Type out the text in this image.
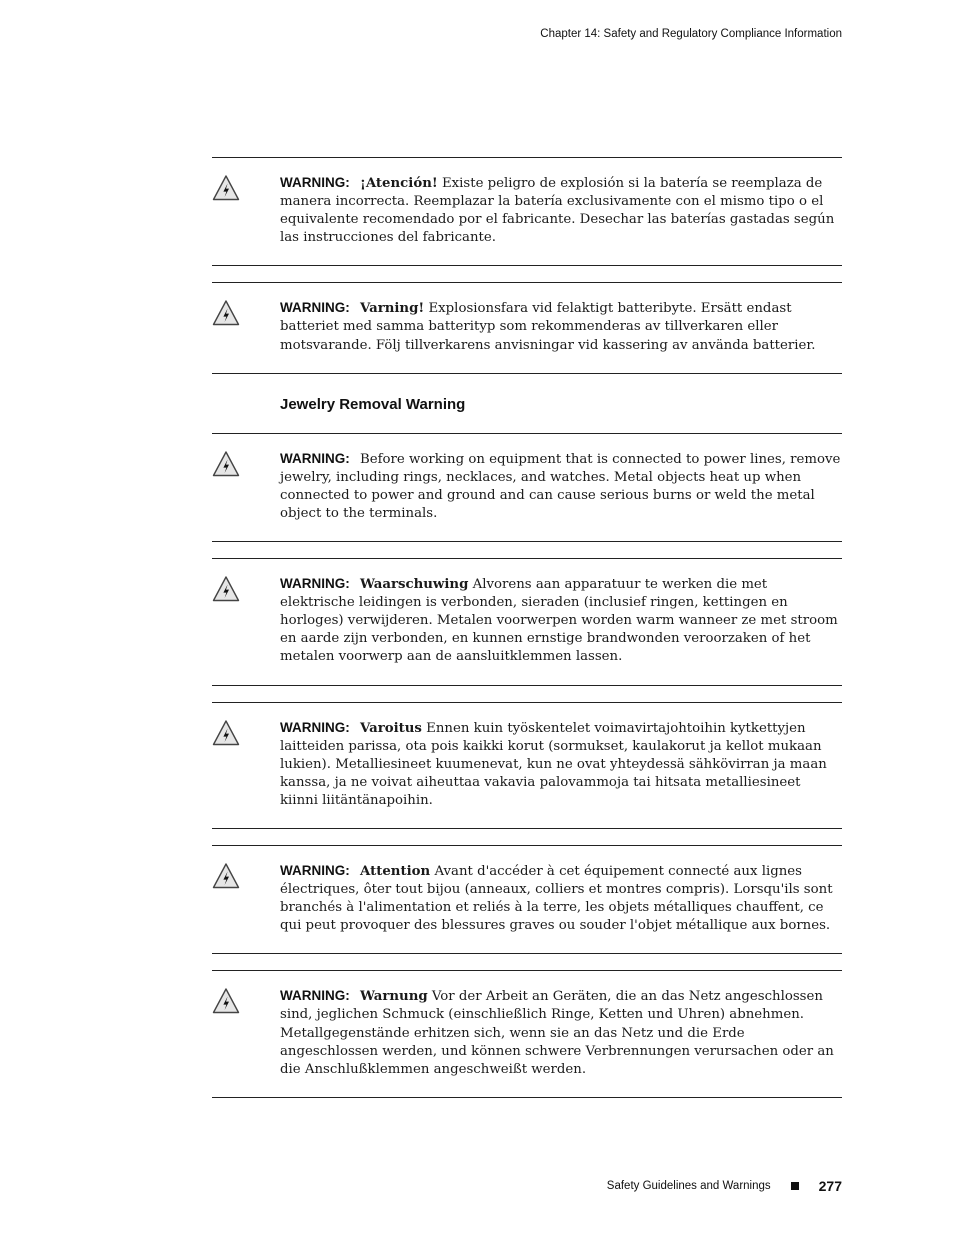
Chapter 14: Safety and Regulatory Compliance Information
WARNING: ¡Atención! Existe peligro de explosión si la batería se reemplaza de manera incorrecta. Reemplazar la batería exclusivamente con el mismo tipo o el equivalente recomendado por el fabricante. Desechar las baterías gastadas según las instrucciones del fabricante.
WARNING: Varning! Explosionsfara vid felaktigt batteribyte. Ersätt endast batteriet med samma batterityp som rekommenderas av tillverkaren eller motsvarande. Följ tillverkarens anvisningar vid kassering av använda batterier.
Jewelry Removal Warning
WARNING: Before working on equipment that is connected to power lines, remove jewelry, including rings, necklaces, and watches. Metal objects heat up when connected to power and ground and can cause serious burns or weld the metal object to the terminals.
WARNING: Waarschuwing Alvorens aan apparatuur te werken die met elektrische leidingen is verbonden, sieraden (inclusief ringen, kettingen en horloges) verwijderen. Metalen voorwerpen worden warm wanneer ze met stroom en aarde zijn verbonden, en kunnen ernstige brandwonden veroorzaken of het metalen voorwerp aan de aansluitklemmen lassen.
WARNING: Varoitus Ennen kuin työskentelet voimavirtajohtoihin kytkettyjen laitteiden parissa, ota pois kaikki korut (sormukset, kaulakorut ja kellot mukaan lukien). Metalliesineet kuumenevat, kun ne ovat yhteydessä sähkövirran ja maan kanssa, ja ne voivat aiheuttaa vakavia palovammoja tai hitsata metalliesineet kiinni liitäntänapoihin.
WARNING: Attention Avant d'accéder à cet équipement connecté aux lignes électriques, ôter tout bijou (anneaux, colliers et montres compris). Lorsqu'ils sont branchés à l'alimentation et reliés à la terre, les objets métalliques chauffent, ce qui peut provoquer des blessures graves ou souder l'objet métallique aux bornes.
WARNING: Warnung Vor der Arbeit an Geräten, die an das Netz angeschlossen sind, jeglichen Schmuck (einschließlich Ringe, Ketten und Uhren) abnehmen. Metallgegenstände erhitzen sich, wenn sie an das Netz und die Erde angeschlossen werden, und können schwere Verbrennungen verursachen oder an die Anschlußklemmen angeschweißt werden.
Safety Guidelines and Warnings	277
